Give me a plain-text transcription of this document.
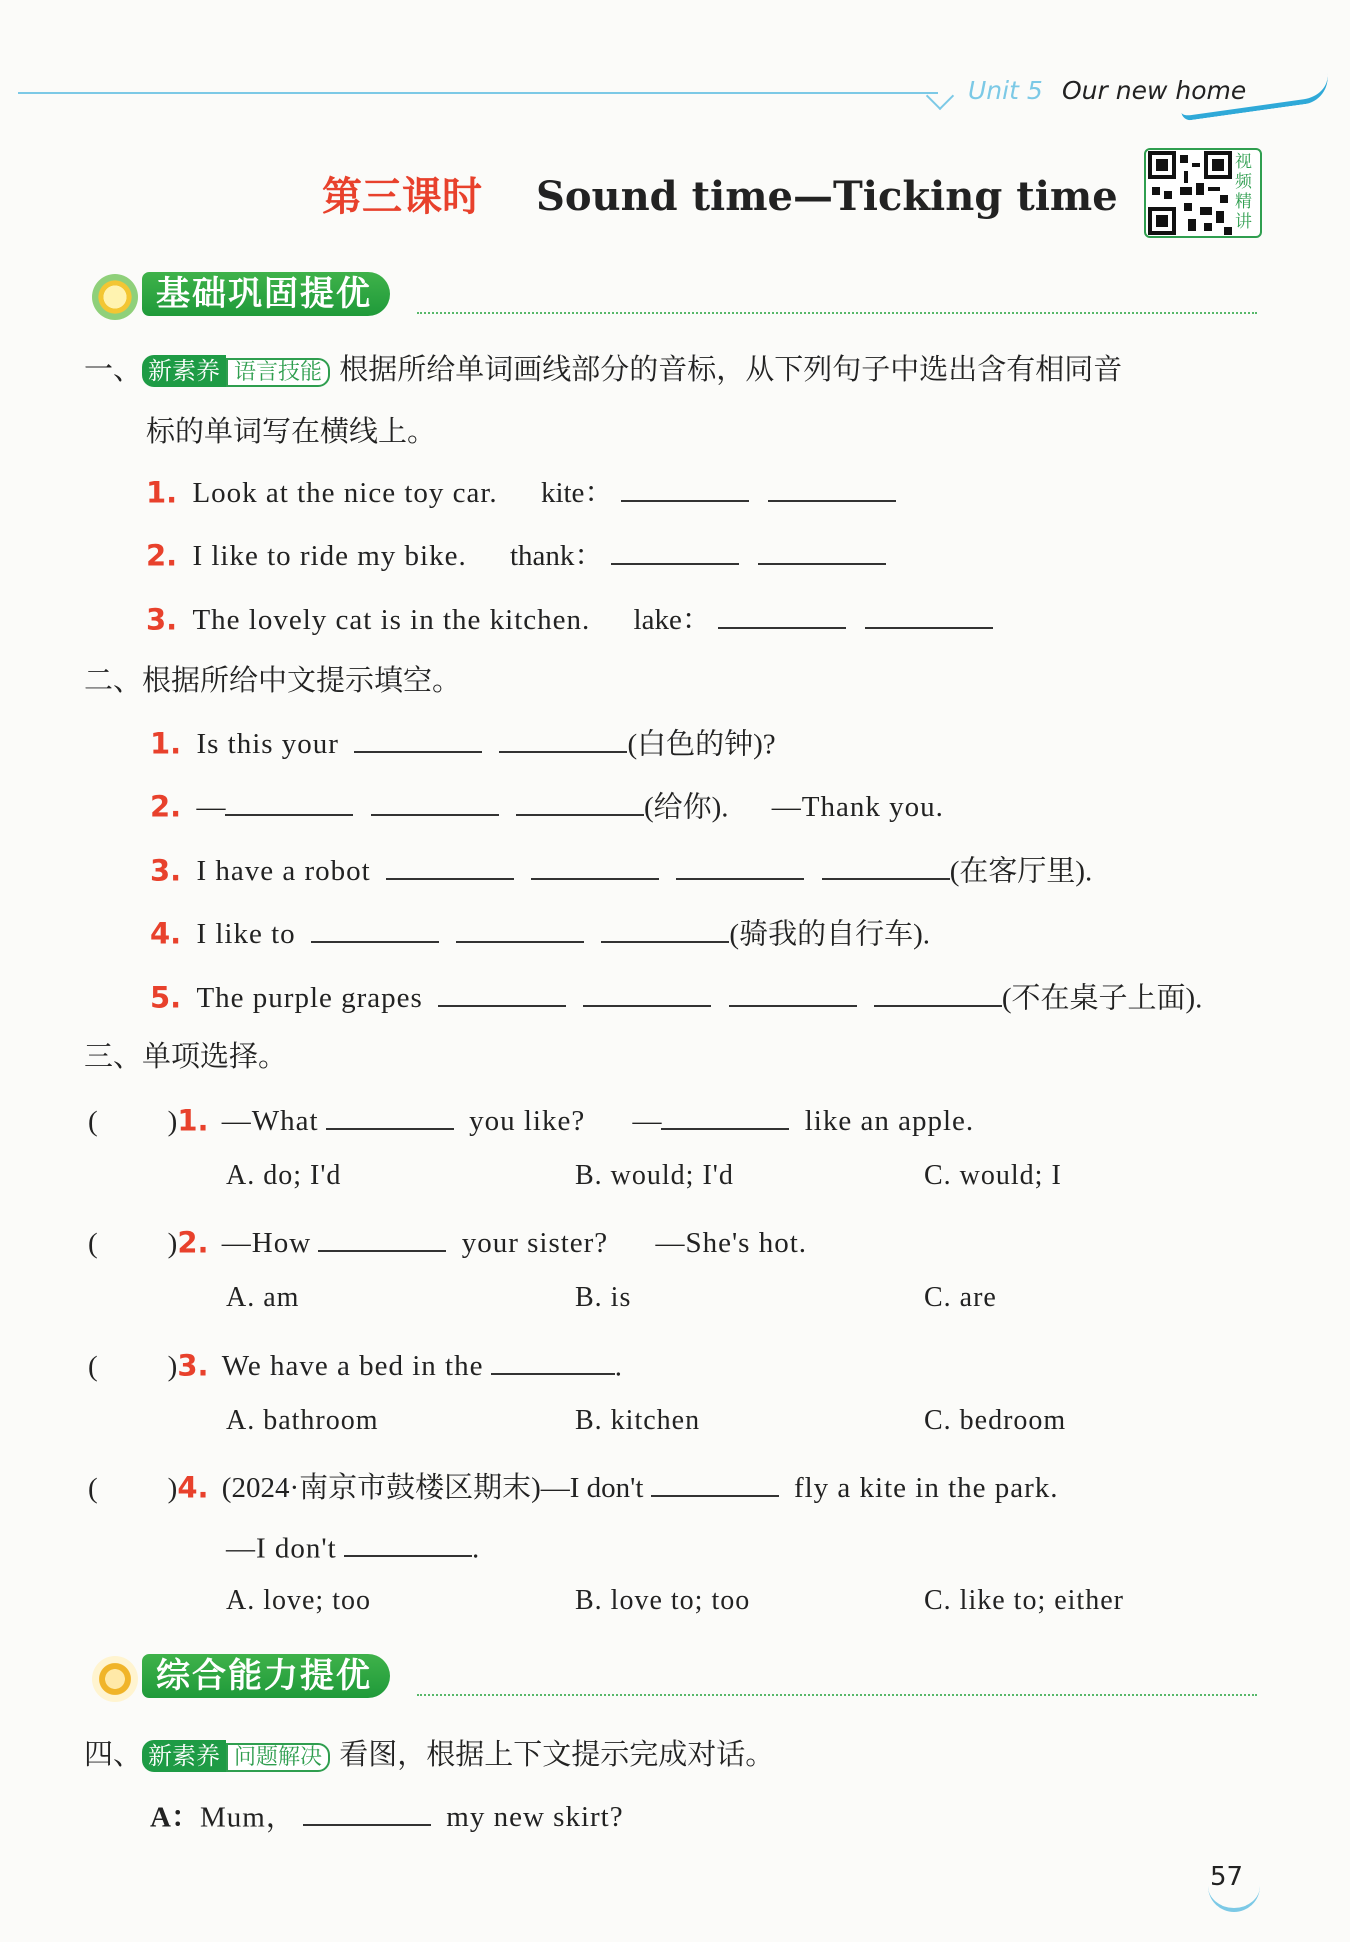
Unit 5 Our new home
第三课时 Sound time—Ticking time
视频精讲
基础巩固提优
一、 新素养 语言技能 根据所给单词画线部分的音标，从下列句子中选出含有相同音
标的单词写在横线上。
1. Look at the nice toy car. kite：
2. I like to ride my bike. thank：
3. The lovely cat is in the kitchen. lake：
二、根据所给中文提示填空。
1. Is this your	(白色的钟)?
2. —	(给你). —Thank you.
3. I have a robot	(在客厅里).
4. I like to	(骑我的自行车).
5. The purple grapes	(不在桌子上面).
三、单项选择。
( )1. —What	you like? —	like an apple.
A. do; I'd	B. would; I'd	C. would; I
( )2. —How	your sister? —She's hot.
A. am	B. is	C. are
( )3. We have a bed in the	.
A. bathroom	B. kitchen	C. bedroom
( )4. (2024·南京市鼓楼区期末)—I don't	fly a kite in the park.
—I don't	.
A. love; too	B. love to; too	C. like to; either
综合能力提优
四、 新素养 问题解决 看图，根据上下文提示完成对话。
A：Mum，	my new skirt?
57
